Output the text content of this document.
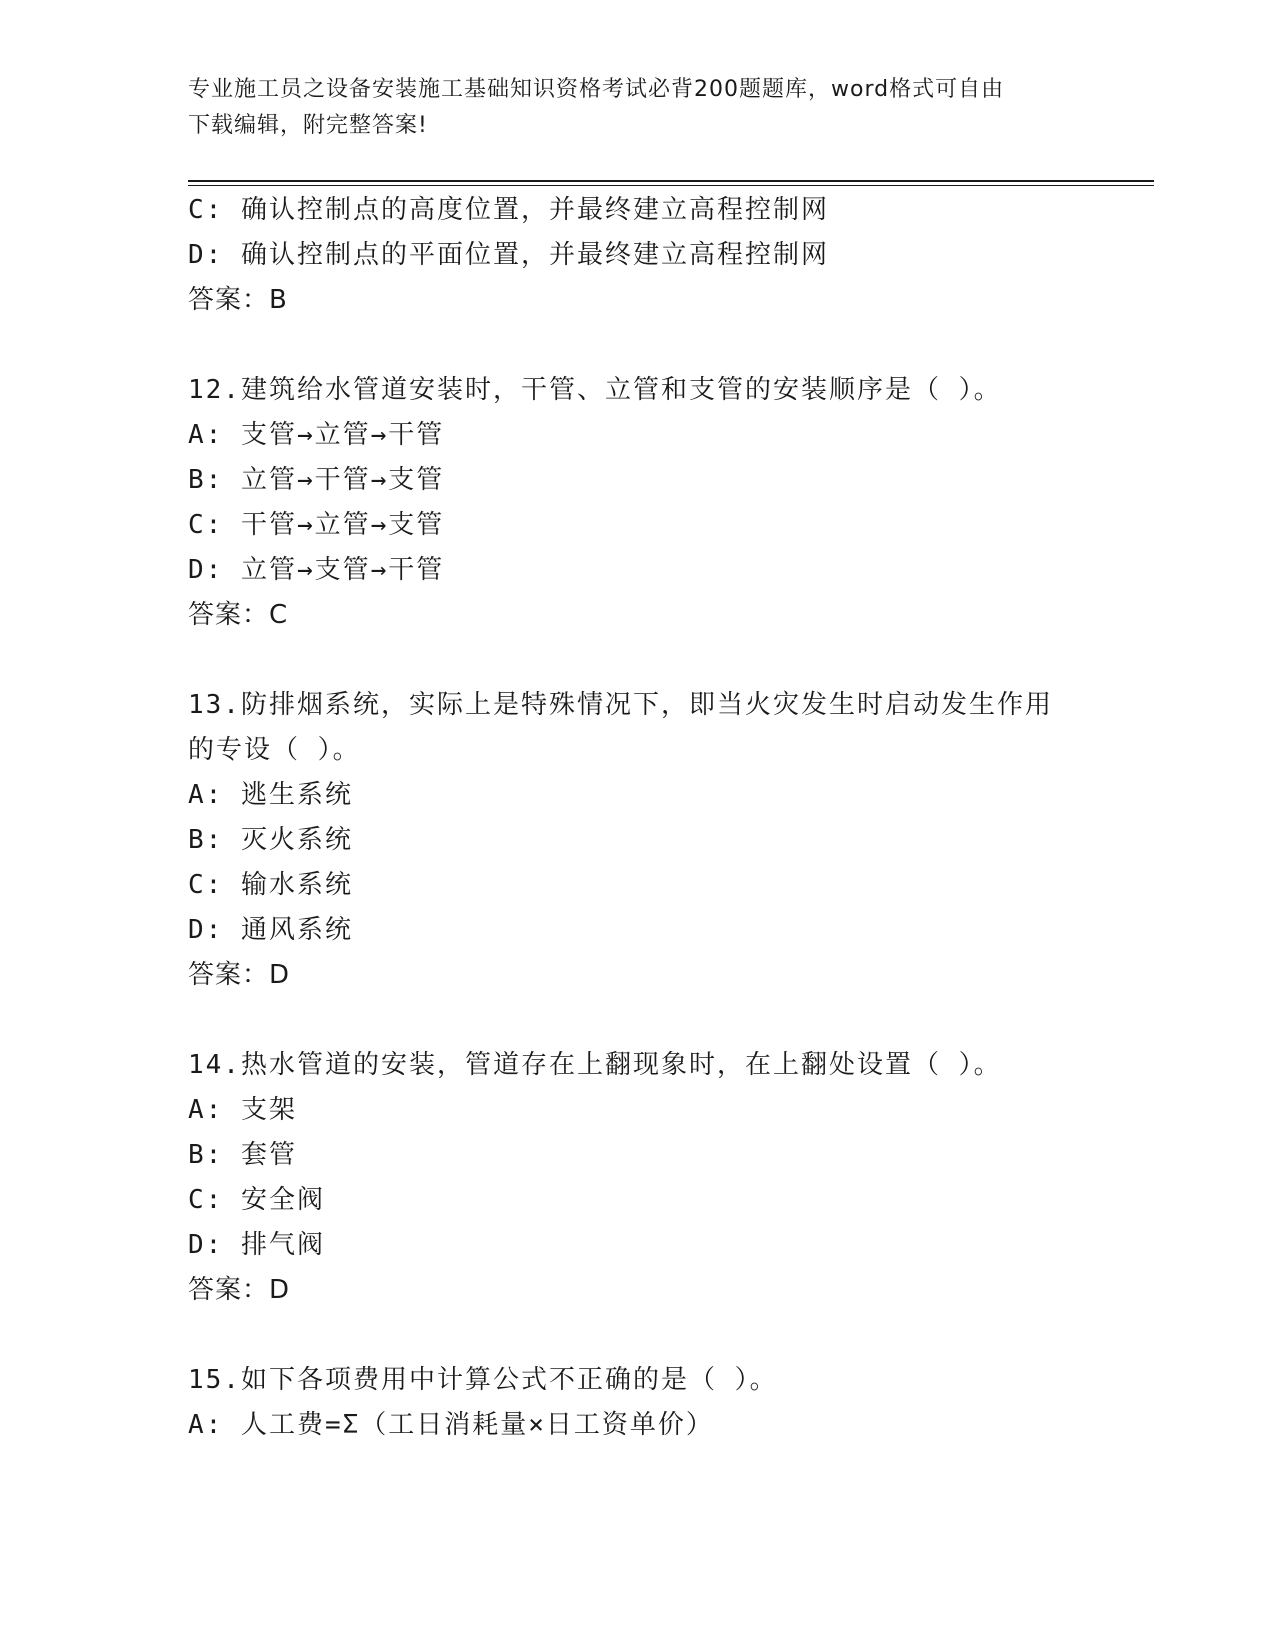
专业施工员之设备安装施工基础知识资格考试必背200题题库，word格式可自由
下载编辑，附完整答案!
C: 确认控制点的高度位置，并最终建立高程控制网
D: 确认控制点的平面位置，并最终建立高程控制网
答案：B
12.建筑给水管道安装时，干管、立管和支管的安装顺序是（ ）。
A: 支管→立管→干管
B: 立管→干管→支管
C: 干管→立管→支管
D: 立管→支管→干管
答案：C
13.防排烟系统，实际上是特殊情况下，即当火灾发生时启动发生作用
的专设（ ）。
A: 逃生系统
B: 灭火系统
C: 输水系统
D: 通风系统
答案：D
14.热水管道的安装，管道存在上翻现象时，在上翻处设置（ ）。
A: 支架
B: 套管
C: 安全阀
D: 排气阀
答案：D
15.如下各项费用中计算公式不正确的是（ ）。
A: 人工费=Σ（工日消耗量×日工资单价）
